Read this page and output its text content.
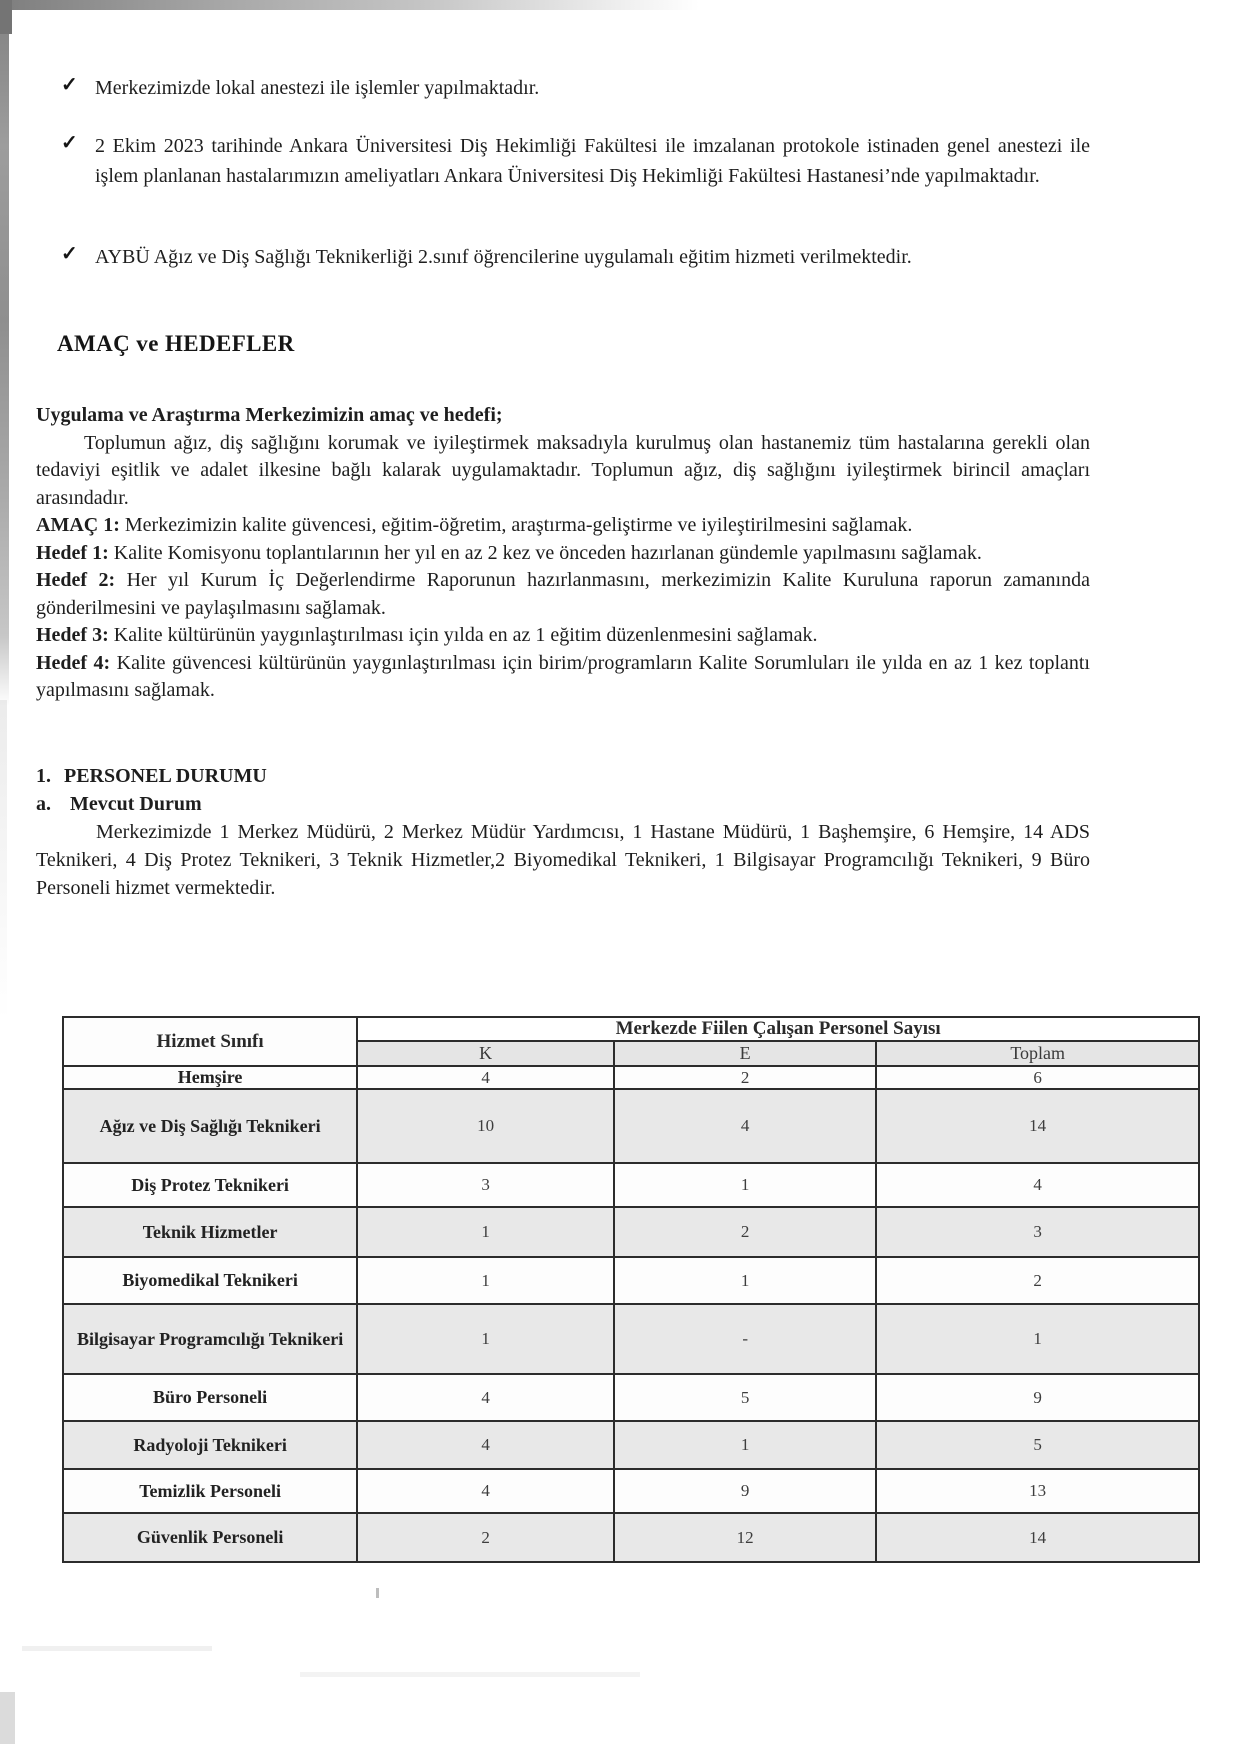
✓ Merkezimizde lokal anestezi ile işlemler yapılmaktadır.
✓ 2 Ekim 2023 tarihinde Ankara Üniversitesi Diş Hekimliği Fakültesi ile imzalanan protokole istinaden genel anestezi ile işlem planlanan hastalarımızın ameliyatları Ankara Üniversitesi Diş Hekimliği Fakültesi Hastanesi’nde yapılmaktadır.
✓ AYBÜ Ağız ve Diş Sağlığı Teknikerliği 2.sınıf öğrencilerine uygulamalı eğitim hizmeti verilmektedir.
AMAÇ ve HEDEFLER

Uygulama ve Araştırma Merkezimizin amaç ve hedefi;

Toplumun ağız, diş sağlığını korumak ve iyileştirmek maksadıyla kurulmuş olan hastanemiz tüm hastalarına gerekli olan tedaviyi eşitlik ve adalet ilkesine bağlı kalarak uygulamaktadır. Toplumun ağız, diş sağlığını iyileştirmek birincil amaçları arasındadır.

AMAÇ 1: Merkezimizin kalite güvencesi, eğitim-öğretim, araştırma-geliştirme ve iyileştirilmesini sağlamak.

Hedef 1: Kalite Komisyonu toplantılarının her yıl en az 2 kez ve önceden hazırlanan gündemle yapılmasını sağlamak.

Hedef 2: Her yıl Kurum İç Değerlendirme Raporunun hazırlanmasını, merkezimizin Kalite Kuruluna raporun zamanında gönderilmesini ve paylaşılmasını sağlamak.

Hedef 3: Kalite kültürünün yaygınlaştırılması için yılda en az 1 eğitim düzenlenmesini sağlamak.

Hedef 4: Kalite güvencesi kültürünün yaygınlaştırılması için birim/programların Kalite Sorumluları ile yılda en az 1 kez toplantı yapılmasını sağlamak.

1. PERSONEL DURUMU

a. Mevcut Durum

Merkezimizde 1 Merkez Müdürü, 2 Merkez Müdür Yardımcısı, 1 Hastane Müdürü, 1 Başhemşire, 6 Hemşire, 14 ADS Teknikeri, 4 Diş Protez Teknikeri, 3 Teknik Hizmetler,2 Biyomedikal Teknikeri, 1 Bilgisayar Programcılığı Teknikeri, 9 Büro Personeli hizmet vermektedir.

Hizmet Sınıfı	Merkezde Fiilen Çalışan Personel Sayısı		
	K	E	Toplam
Hemşire	4	2	6
Ağız ve Diş Sağlığı Teknikeri	10	4	14
Diş Protez Teknikeri	3	1	4
Teknik Hizmetler	1	2	3
Biyomedikal Teknikeri	1	1	2
Bilgisayar Programcılığı Teknikeri	1	-	1
Büro Personeli	4	5	9
Radyoloji Teknikeri	4	1	5
Temizlik Personeli	4	9	13
Güvenlik Personeli	2	12	14
